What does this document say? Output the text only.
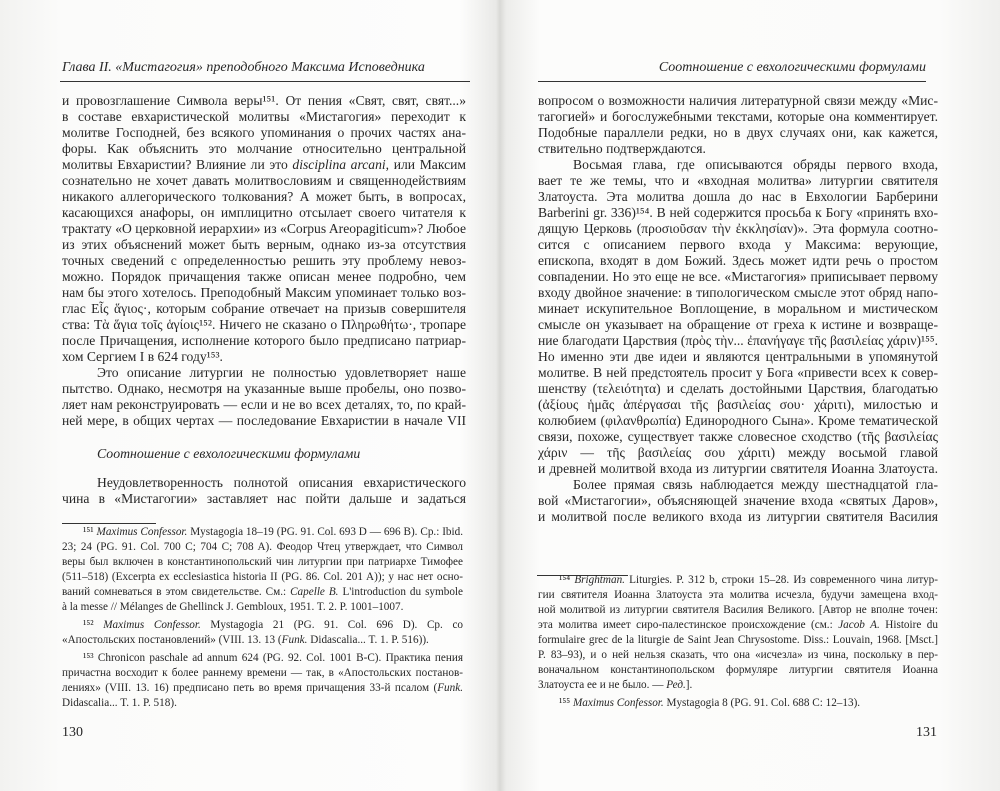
Глава II. «Мистагогия» преподобного Максима Исповедника
и провозглашение Символа веры¹⁵¹. От пения «Свят, свят, свят...»
в составе евхаристической молитвы «Мистагогия» переходит к
молитве Господней, без всякого упоминания о прочих частях ана-
форы. Как объяснить это молчание относительно центральной
молитвы Евхаристии? Влияние ли это disciplina arcani, или Максим
сознательно не хочет давать молитвословиям и священнодействиям
никакого аллегорического толкования? А может быть, в вопросах,
касающихся анафоры, он имплицитно отсылает своего читателя к
трактату «О церковной иерархии» из «Corpus Areopagiticum»? Любое
из этих объяснений может быть верным, однако из-за отсутствия
точных сведений с определенностью решить эту проблему невоз-
можно. Порядок причащения также описан менее подробно, чем
нам бы этого хотелось. Преподобный Максим упоминает только воз-
глас Εἷς ἅγιος·, которым собрание отвечает на призыв совершителя
ства: Τὰ ἅγια τοῖς ἁγίοις¹⁵². Ничего не сказано о Πληρωθήτω·, тропаре
после Причащения, исполнение которого было предписано патриар-
хом Сергием I в 624 году¹⁵³.
Это описание литургии не полностью удовлетворяет наше
пытство. Однако, несмотря на указанные выше пробелы, оно позво-
ляет нам реконструировать — если и не во всех деталях, то, по край-
ней мере, в общих чертах — последование Евхаристии в начале VII
Соотношение с евхологическими формулами
Неудовлетворенность полнотой описания евхаристического
чина в «Мистагогии» заставляет нас пойти дальше и задаться
¹⁵¹ Maximus Confessor. Mystagogia 18–19 (PG. 91. Col. 693 D — 696 B). Ср.: Ibid.
23; 24 (PG. 91. Col. 700 C; 704 C; 708 A). Феодор Чтец утверждает, что Символ
веры был включен в константинопольский чин литургии при патриархе Тимофее
(511–518) (Excerpta ex ecclesiastica historia II (PG. 86. Col. 201 A)); у нас нет осно-
ваний сомневаться в этом свидетельстве. См.: Capelle B. L'introduction du symbole
à la messe // Mélanges de Ghellinck J. Gembloux, 1951. T. 2. P. 1001–1007.
¹⁵² Maximus Confessor. Mystagogia 21 (PG. 91. Col. 696 D). Ср. со
«Апостольских постановлений» (VIII. 13. 13 (Funk. Didascalia... T. 1. P. 516)).
¹⁵³ Chronicon paschale ad annum 624 (PG. 92. Col. 1001 B-C). Практика пения
причастна восходит к более раннему времени — так, в «Апостольских постанов-
лениях» (VIII. 13. 16) предписано петь во время причащения 33-й псалом (Funk.
Didascalia... T. 1. P. 518).
130
Соотношение с евхологическими формулами
вопросом о возможности наличия литературной связи между «Мис-
тагогией» и богослужебными текстами, которые она комментирует.
Подобные параллели редки, но в двух случаях они, как кажется,
ствительно подтверждаются.
Восьмая глава, где описываются обряды первого входа,
вает те же темы, что и «входная молитва» литургии святителя
Златоуста. Эта молитва дошла до нас в Евхологии Барберини
Barberini gr. 336)¹⁵⁴. В ней содержится просьба к Богу «принять вхо-
дящую Церковь (προσιοῦσαν τὴν ἐκκλησίαν)». Эта формула соотно-
сится с описанием первого входа у Максима: верующие,
епископа, входят в дом Божий. Здесь может идти речь о простом
совпадении. Но это еще не все. «Мистагогия» приписывает первому
входу двойное значение: в типологическом смысле этот обряд напо-
минает искупительное Воплощение, в моральном и мистическом
смысле он указывает на обращение от греха к истине и возвраще-
ние благодати Царствия (πρὸς τὴν... ἐπανήγαγε τῆς βασιλείας χάριν)¹⁵⁵.
Но именно эти две идеи и являются центральными в упомянутой
молитве. В ней предстоятель просит у Бога «привести всех к совер-
шенству (τελειότητα) и сделать достойными Царствия, благодатью
(ἀξίους ἡμᾶς ἀπέργασαι τῆς βασιλείας σου· χάριτι), милостью и
колюбием (φιλανθρωπία) Единородного Сына». Кроме тематической
связи, похоже, существует также словесное сходство (τῆς βασιλείας
χάριν — τῆς βασιλείας σου χάριτι) между восьмой главой
и древней молитвой входа из литургии святителя Иоанна Златоуста.
Более прямая связь наблюдается между шестнадцатой гла-
вой «Мистагогии», объясняющей значение входа «святых Даров»,
и молитвой после великого входа из литургии святителя Василия
¹⁵⁴ Brightman. Liturgies. P. 312 b, строки 15–28. Из современного чина литур-
гии святителя Иоанна Златоуста эта молитва исчезла, будучи замещена вход-
ной молитвой из литургии святителя Василия Великого. [Автор не вполне точен:
эта молитва имеет сиро-палестинское происхождение (см.: Jacob A. Histoire du
formulaire grec de la liturgie de Saint Jean Chrysostome. Diss.: Louvain, 1968. [Msct.]
P. 83–93), и о ней нельзя сказать, что она «исчезла» из чина, поскольку в пер-
воначальном константинопольском формуляре литургии святителя Иоанна
Златоуста ее и не было. — Ред.].
¹⁵⁵ Maximus Confessor. Mystagogia 8 (PG. 91. Col. 688 C: 12–13).
131
